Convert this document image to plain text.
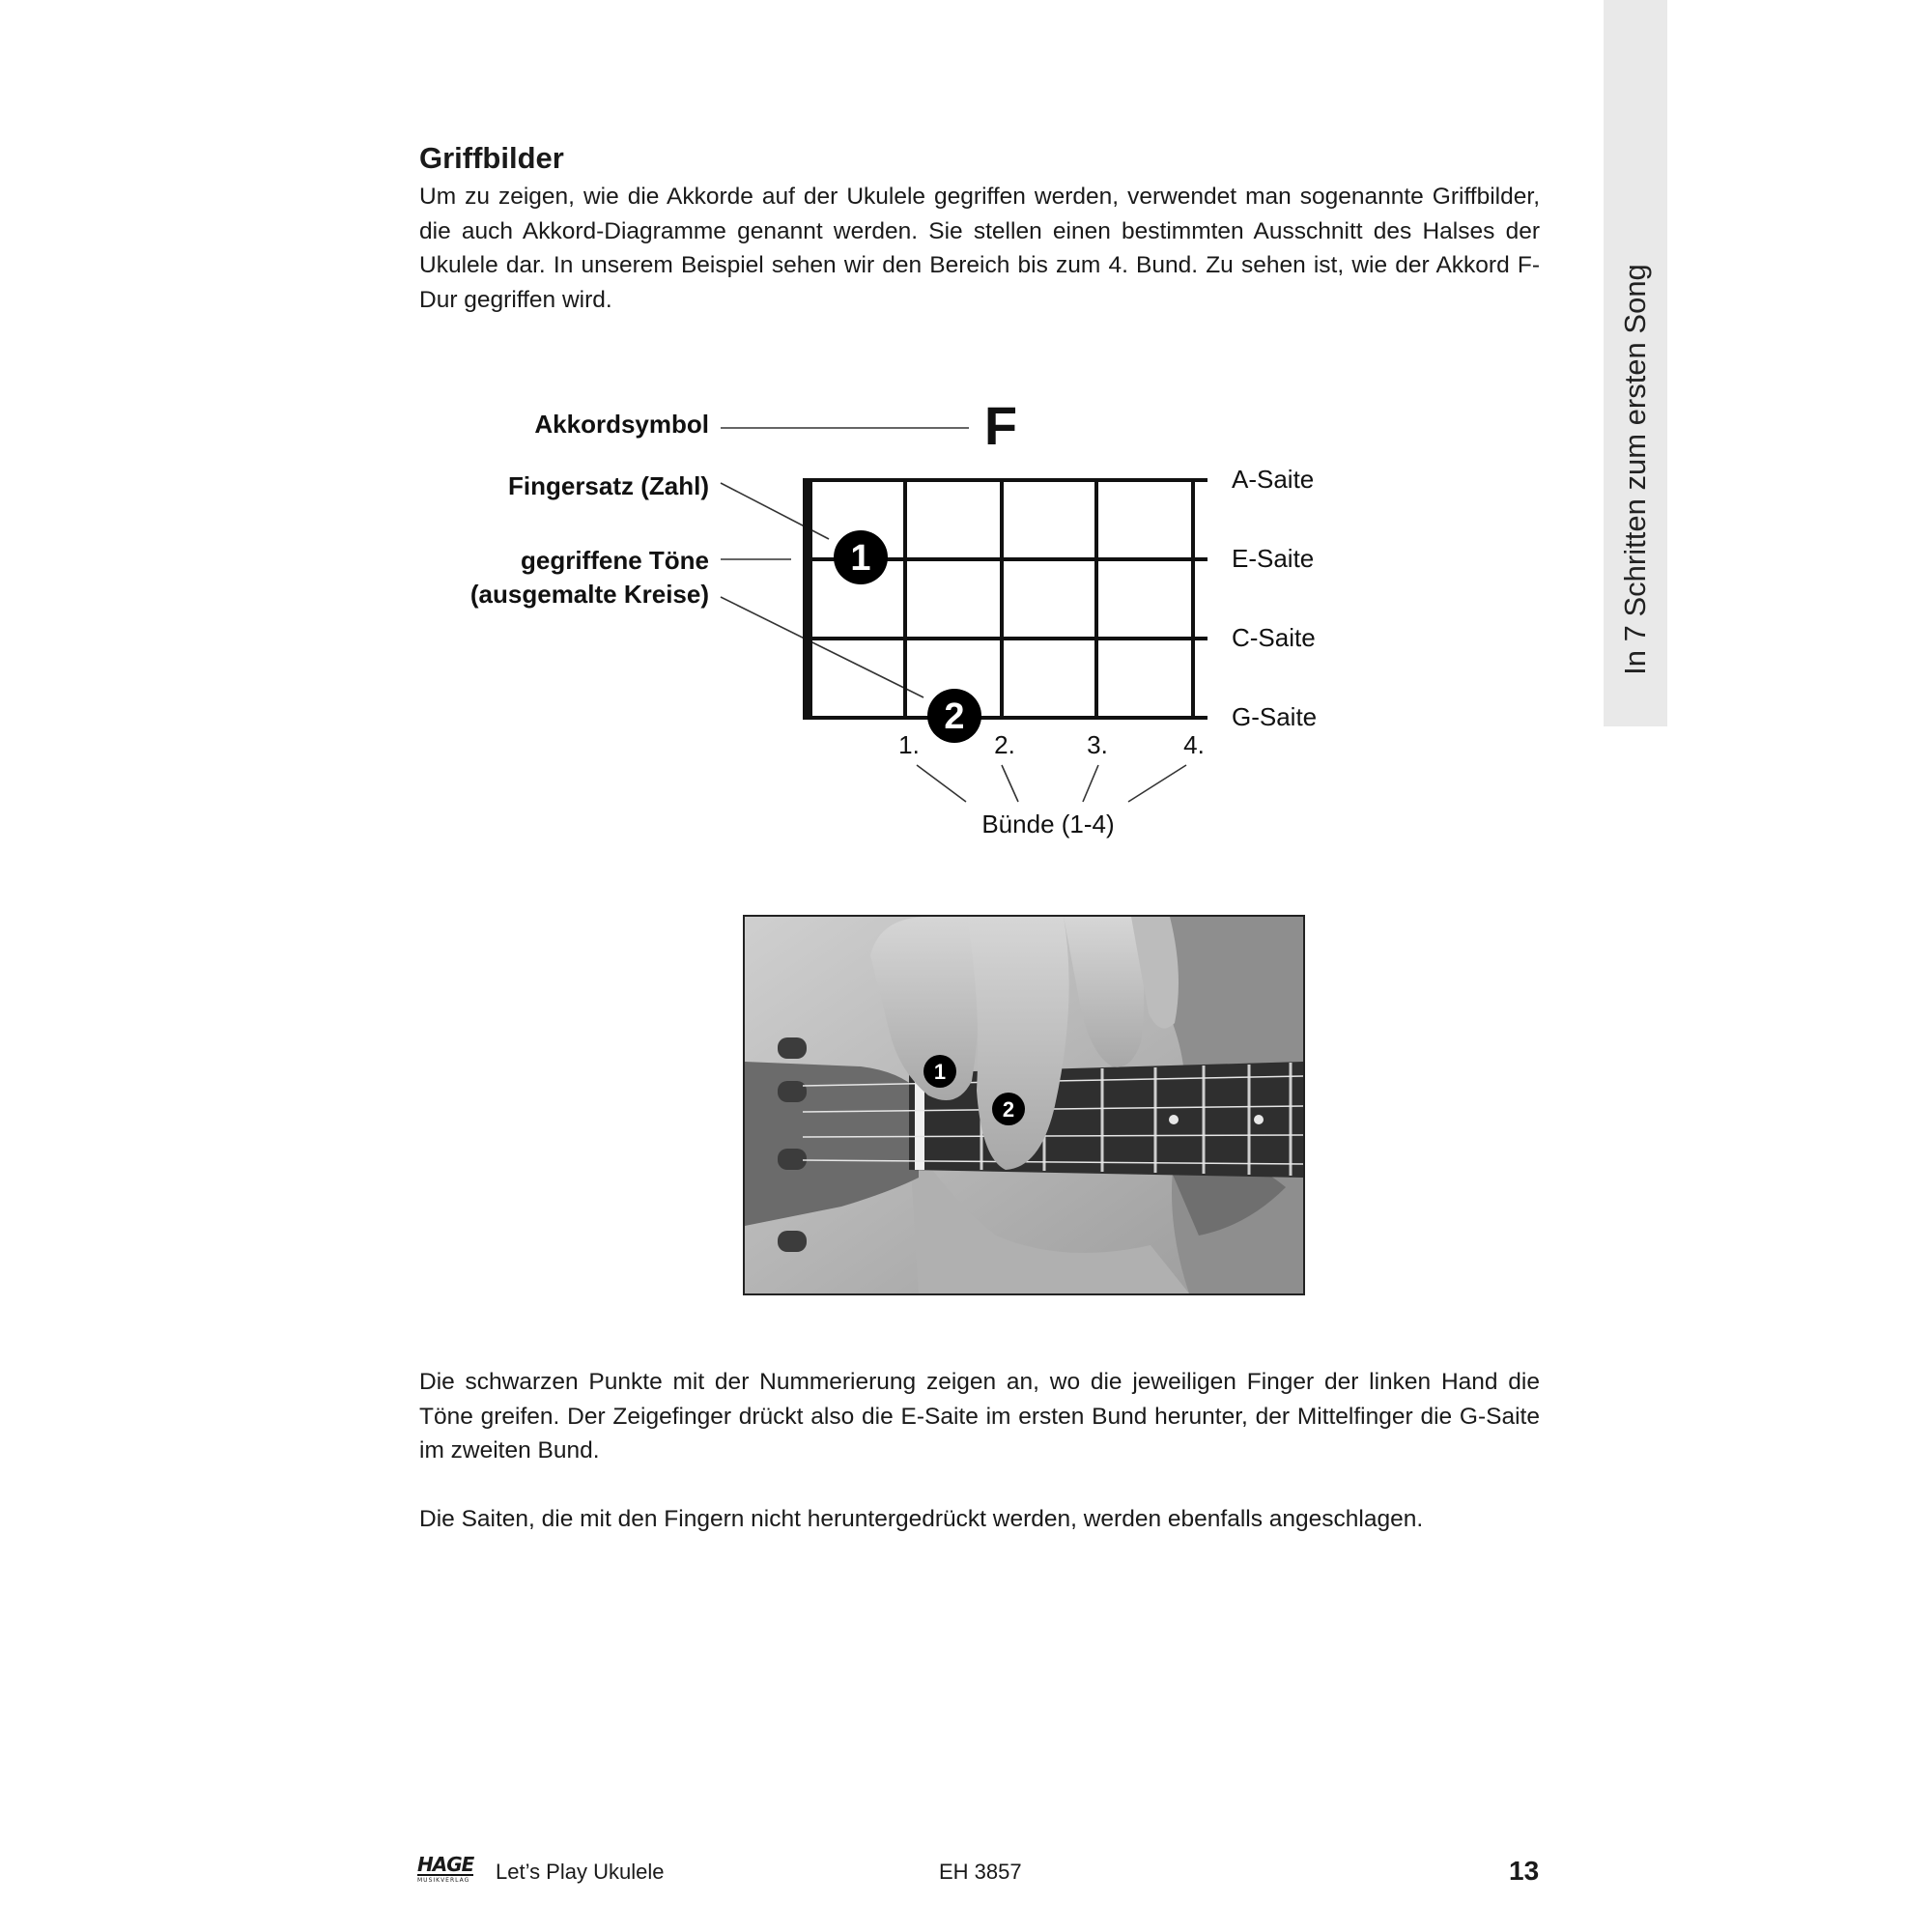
In 7 Schritten zum ersten Song
Griffbilder

Um zu zeigen, wie die Akkorde auf der Ukulele gegriffen werden, verwendet man sogenannte Griffbilder, die auch Akkord-Diagramme genannt werden. Sie stellen einen bestimmten Ausschnitt des Halses der Ukulele dar. In unserem Beispiel sehen wir den Bereich bis zum 4. Bund. Zu sehen ist, wie der Akkord F-Dur gegriffen wird.

F
Akkordsymbol
Fingersatz (Zahl)
gegriffene Töne
(ausgemalte Kreise)
1
2
A-Saite
E-Saite
C-Saite
G-Saite
1.	2.	3.	4.
Bünde (1-4)
1
2

Die schwarzen Punkte mit der Nummerierung zeigen an, wo die jeweiligen Finger der linken Hand die Töne greifen. Der Zeigefinger drückt also die E-Saite im ersten Bund herunter, der Mittelfinger die G-Saite im zweiten Bund.

Die Saiten, die mit den Fingern nicht heruntergedrückt werden, werden ebenfalls angeschlagen.

HAGE
MUSIKVERLAG Let’s Play Ukulele	EH 3857	13
